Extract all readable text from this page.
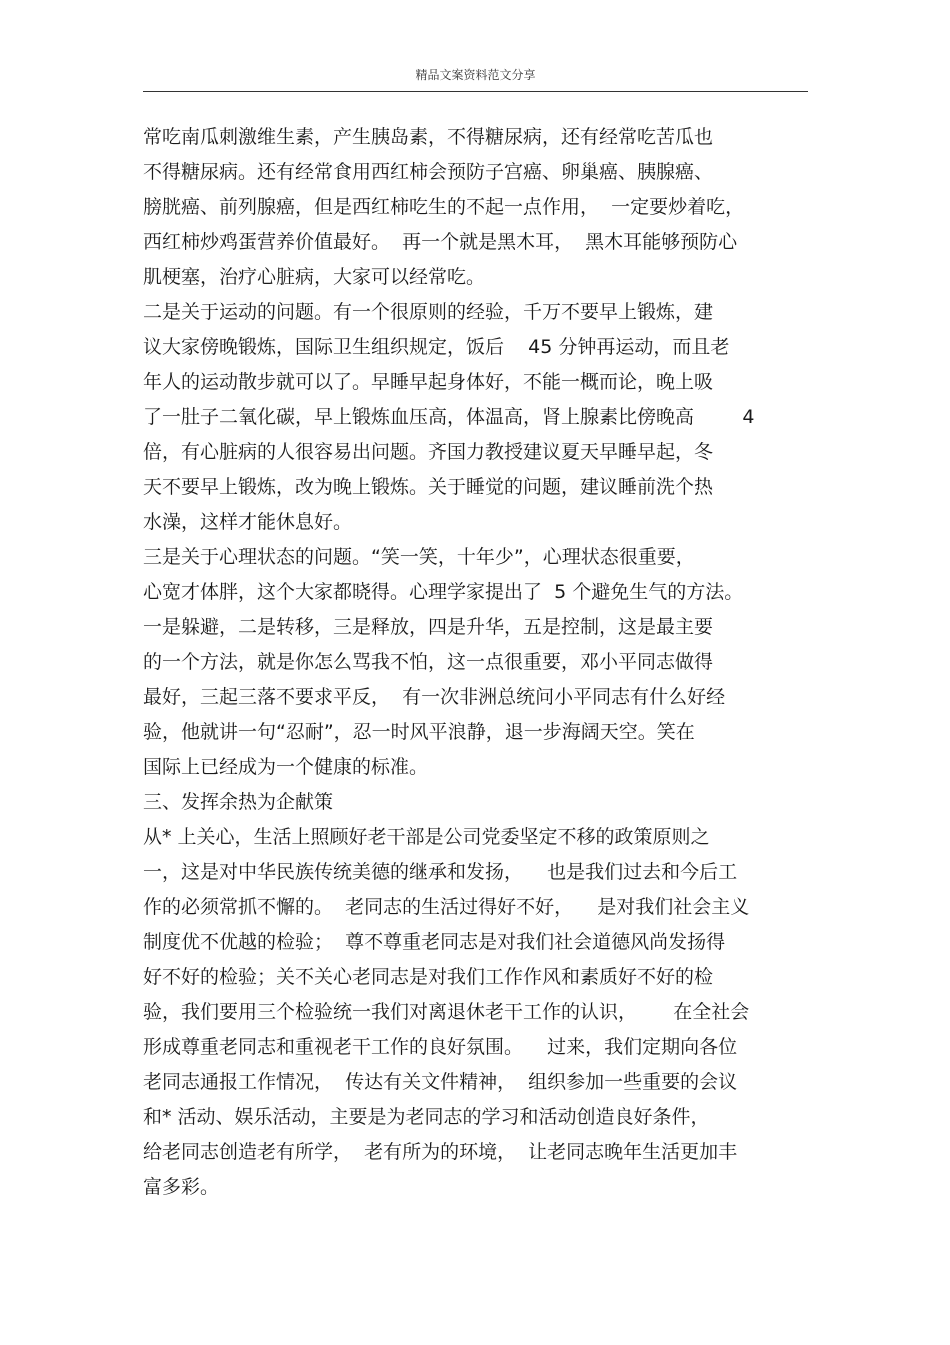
精品文案资料范文分享
常吃南瓜刺激维生素，产生胰岛素，不得糖尿病，还有经常吃苦瓜也
不得糖尿病。还有经常食用西红柿会预防子宫癌、卵巢癌、胰腺癌、
膀胱癌、前列腺癌，但是西红柿吃生的不起一点作用，  一定要炒着吃，
西红柿炒鸡蛋营养价值最好。  再一个就是黑木耳，  黑木耳能够预防心
肌梗塞，治疗心脏病，大家可以经常吃。
二是关于运动的问题。有一个很原则的经验，千万不要早上锻炼，建
议大家傍晚锻炼，国际卫生组织规定，饭后    45 分钟再运动，而且老
年人的运动散步就可以了。早睡早起身体好，不能一概而论，晚上吸
了一肚子二氧化碳，早上锻炼血压高，体温高，肾上腺素比傍晚高        4
倍，有心脏病的人很容易出问题。齐国力教授建议夏天早睡早起，冬
天不要早上锻炼，改为晚上锻炼。关于睡觉的问题，建议睡前洗个热
水澡，这样才能休息好。
三是关于心理状态的问题。“笑一笑，十年少”，心理状态很重要，
心宽才体胖，这个大家都晓得。心理学家提出了  5 个避免生气的方法。
一是躲避，二是转移，三是释放，四是升华，五是控制，这是最主要
的一个方法，就是你怎么骂我不怕，这一点很重要，邓小平同志做得
最好，三起三落不要求平反，  有一次非洲总统问小平同志有什么好经
验，他就讲一句“忍耐”，忍一时风平浪静，退一步海阔天空。笑在
国际上已经成为一个健康的标准。
三、发挥余热为企献策
从* 上关心，生活上照顾好老干部是公司党委坚定不移的政策原则之
一，这是对中华民族传统美德的继承和发扬，    也是我们过去和今后工
作的必须常抓不懈的。  老同志的生活过得好不好，    是对我们社会主义
制度优不优越的检验；  尊不尊重老同志是对我们社会道德风尚发扬得
好不好的检验；关不关心老同志是对我们工作作风和素质好不好的检
验，我们要用三个检验统一我们对离退休老干工作的认识，      在全社会
形成尊重老同志和重视老干工作的良好氛围。    过来，我们定期向各位
老同志通报工作情况，  传达有关文件精神，  组织参加一些重要的会议
和* 活动、娱乐活动，主要是为老同志的学习和活动创造良好条件，
给老同志创造老有所学，  老有所为的环境，  让老同志晚年生活更加丰
富多彩。
